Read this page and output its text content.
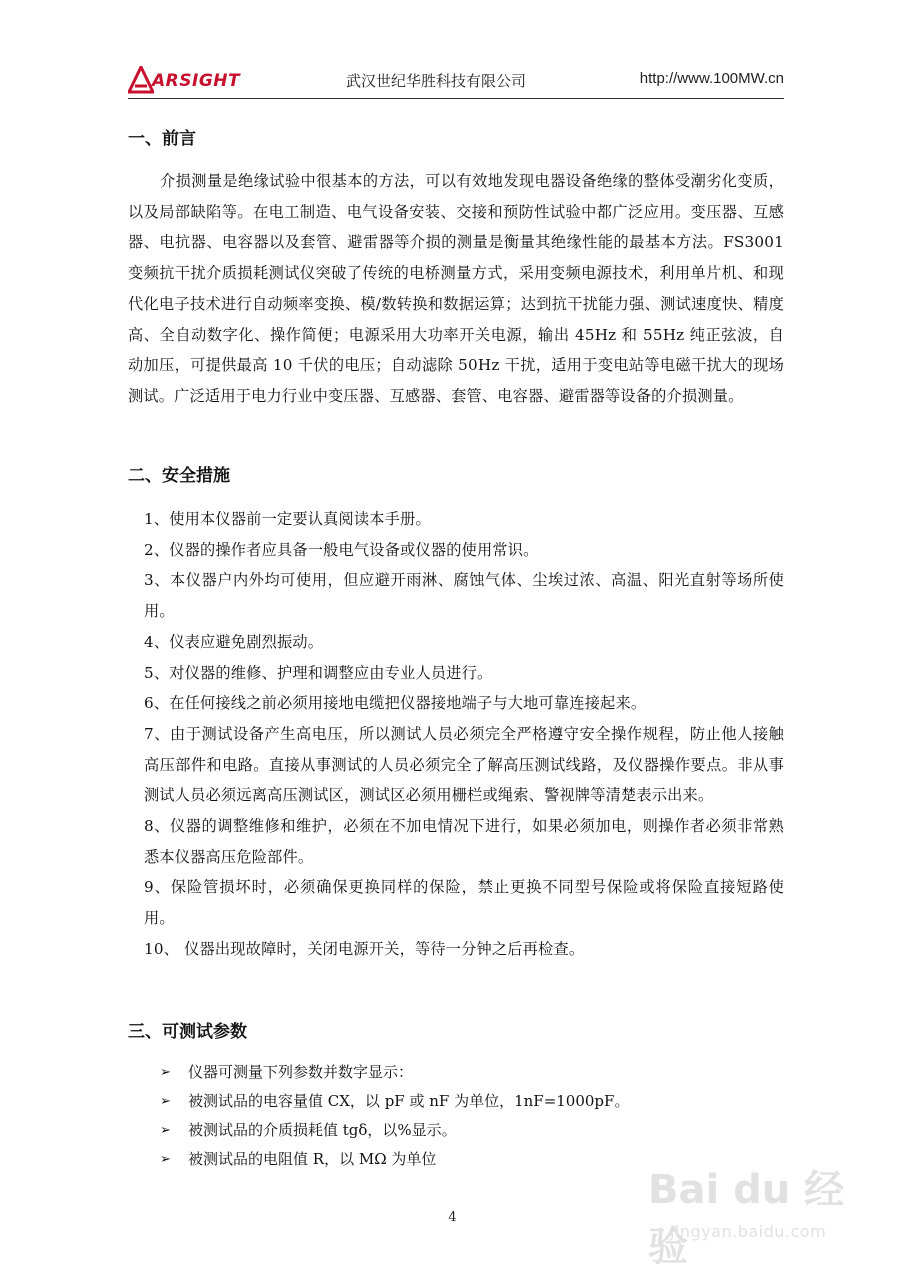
ARSIGHT	武汉世纪华胜科技有限公司	http://www.100MW.cn
一、前言

介损测量是绝缘试验中很基本的方法，可以有效地发现电器设备绝缘的整体受潮劣化变质，以及局部缺陷等。在电工制造、电气设备安装、交接和预防性试验中都广泛应用。变压器、互感器、电抗器、电容器以及套管、避雷器等介损的测量是衡量其绝缘性能的最基本方法。FS3001 变频抗干扰介质损耗测试仪突破了传统的电桥测量方式，采用变频电源技术，利用单片机、和现代化电子技术进行自动频率变换、模/数转换和数据运算；达到抗干扰能力强、测试速度快、精度高、全自动数字化、操作简便；电源采用大功率开关电源，输出 45Hz 和 55Hz 纯正弦波，自动加压，可提供最高 10 千伏的电压；自动滤除 50Hz 干扰，适用于变电站等电磁干扰大的现场测试。广泛适用于电力行业中变压器、互感器、套管、电容器、避雷器等设备的介损测量。

二、安全措施
1、使用本仪器前一定要认真阅读本手册。
2、仪器的操作者应具备一般电气设备或仪器的使用常识。
3、本仪器户内外均可使用，但应避开雨淋、腐蚀气体、尘埃过浓、高温、阳光直射等场所使用。
4、仪表应避免剧烈振动。
5、对仪器的维修、护理和调整应由专业人员进行。
6、在任何接线之前必须用接地电缆把仪器接地端子与大地可靠连接起来。
7、由于测试设备产生高电压，所以测试人员必须完全严格遵守安全操作规程，防止他人接触高压部件和电路。直接从事测试的人员必须完全了解高压测试线路，及仪器操作要点。非从事测试人员必须远离高压测试区，测试区必须用栅栏或绳索、警视牌等清楚表示出来。
8、仪器的调整维修和维护，必须在不加电情况下进行，如果必须加电，则操作者必须非常熟悉本仪器高压危险部件。
9、保险管损坏时，必须确保更换同样的保险，禁止更换不同型号保险或将保险直接短路使用。
10、 仪器出现故障时，关闭电源开关，等待一分钟之后再检查。
三、可测试参数
➢ 仪器可测量下列参数并数字显示：
➢ 被测试品的电容量值 CX，以 pF 或 nF 为单位，1nF=1000pF。
➢ 被测试品的介质损耗值 tgδ，以%显示。
➢ 被测试品的电阻值 R，以 MΩ 为单位
4
Bai du 经验
jingyan.baidu.com
